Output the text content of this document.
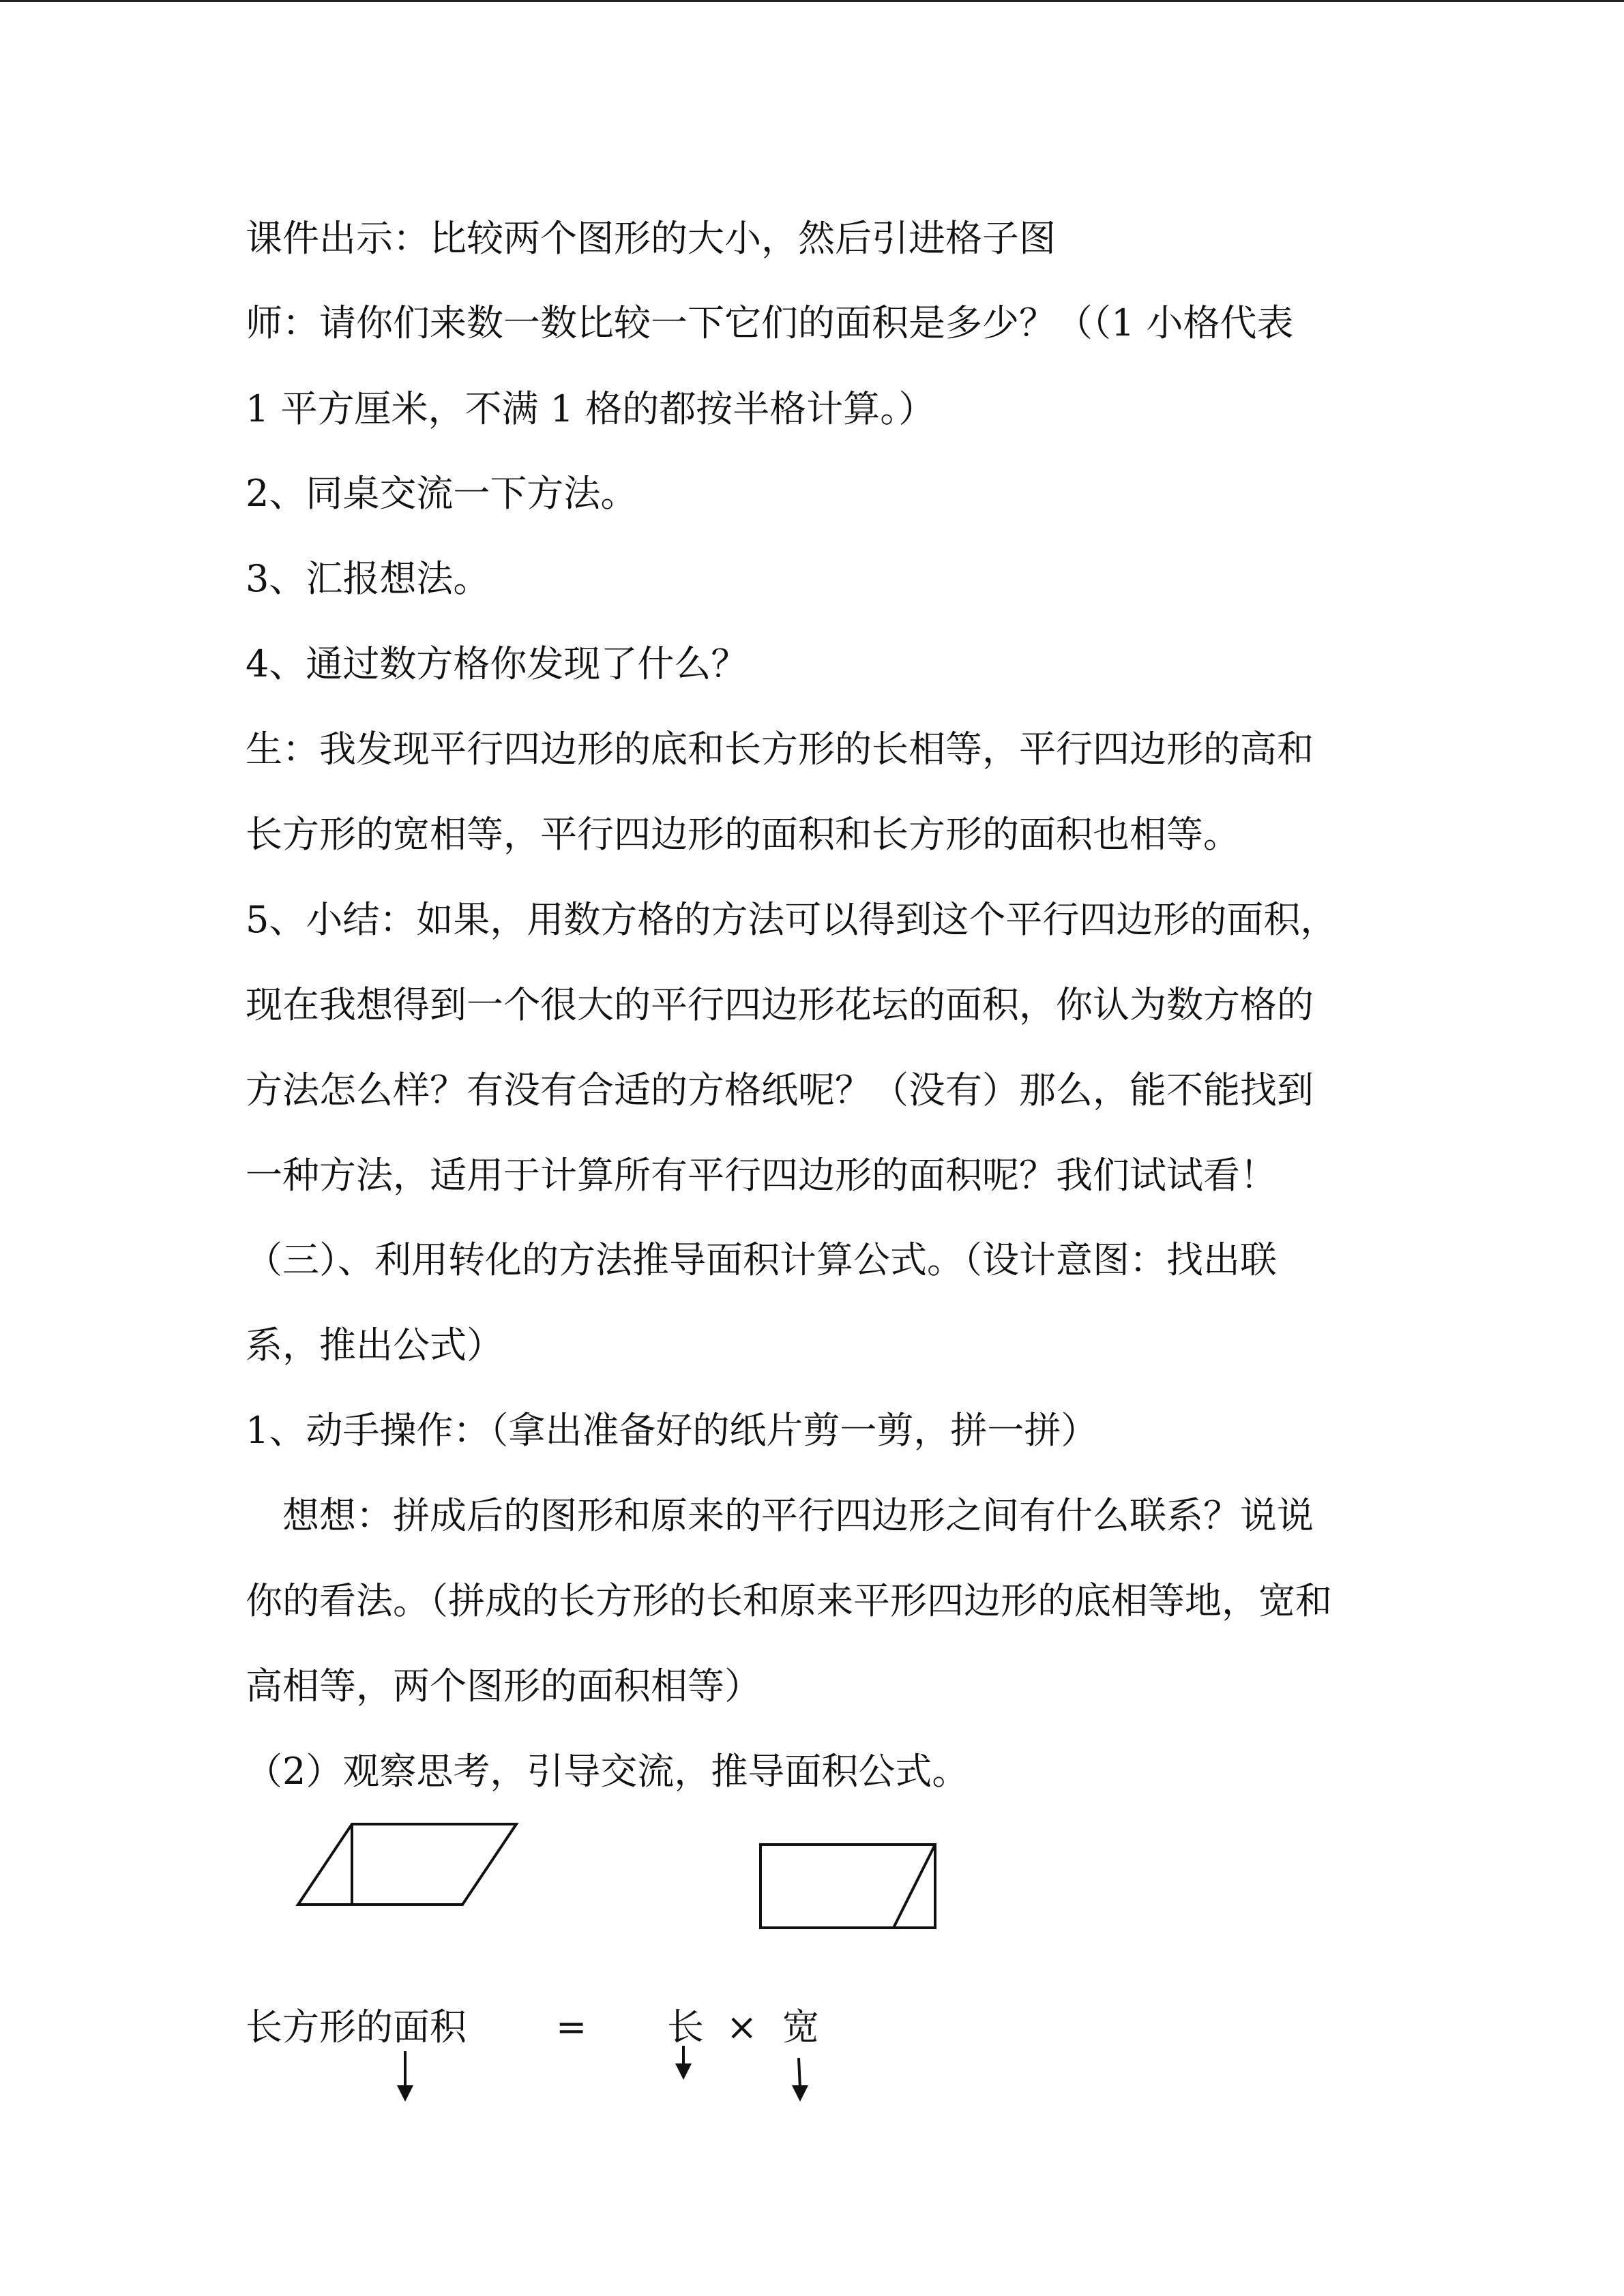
课件出示：比较两个图形的大小，然后引进格子图
师：请你们来数一数比较一下它们的面积是多少？（（1 小格代表
1 平方厘米，不满 1 格的都按半格计算。）
2、同桌交流一下方法。
3、汇报想法。
4、通过数方格你发现了什么？
生：我发现平行四边形的底和长方形的长相等，平行四边形的高和
长方形的宽相等，平行四边形的面积和长方形的面积也相等。
5、小结：如果，用数方格的方法可以得到这个平行四边形的面积，
现在我想得到一个很大的平行四边形花坛的面积，你认为数方格的
方法怎么样？有没有合适的方格纸呢？（没有）那么，能不能找到
一种方法，适用于计算所有平行四边形的面积呢？我们试试看！
（三）、利用转化的方法推导面积计算公式。（设计意图：找出联
系，推出公式）
1、动手操作：（拿出准备好的纸片剪一剪，拼一拼）
　想想：拼成后的图形和原来的平行四边形之间有什么联系？说说
你的看法。（拼成的长方形的长和原来平形四边形的底相等地，宽和
高相等，两个图形的面积相等）
（2）观察思考，引导交流，推导面积公式。
长方形的面积 = 长 × 宽
